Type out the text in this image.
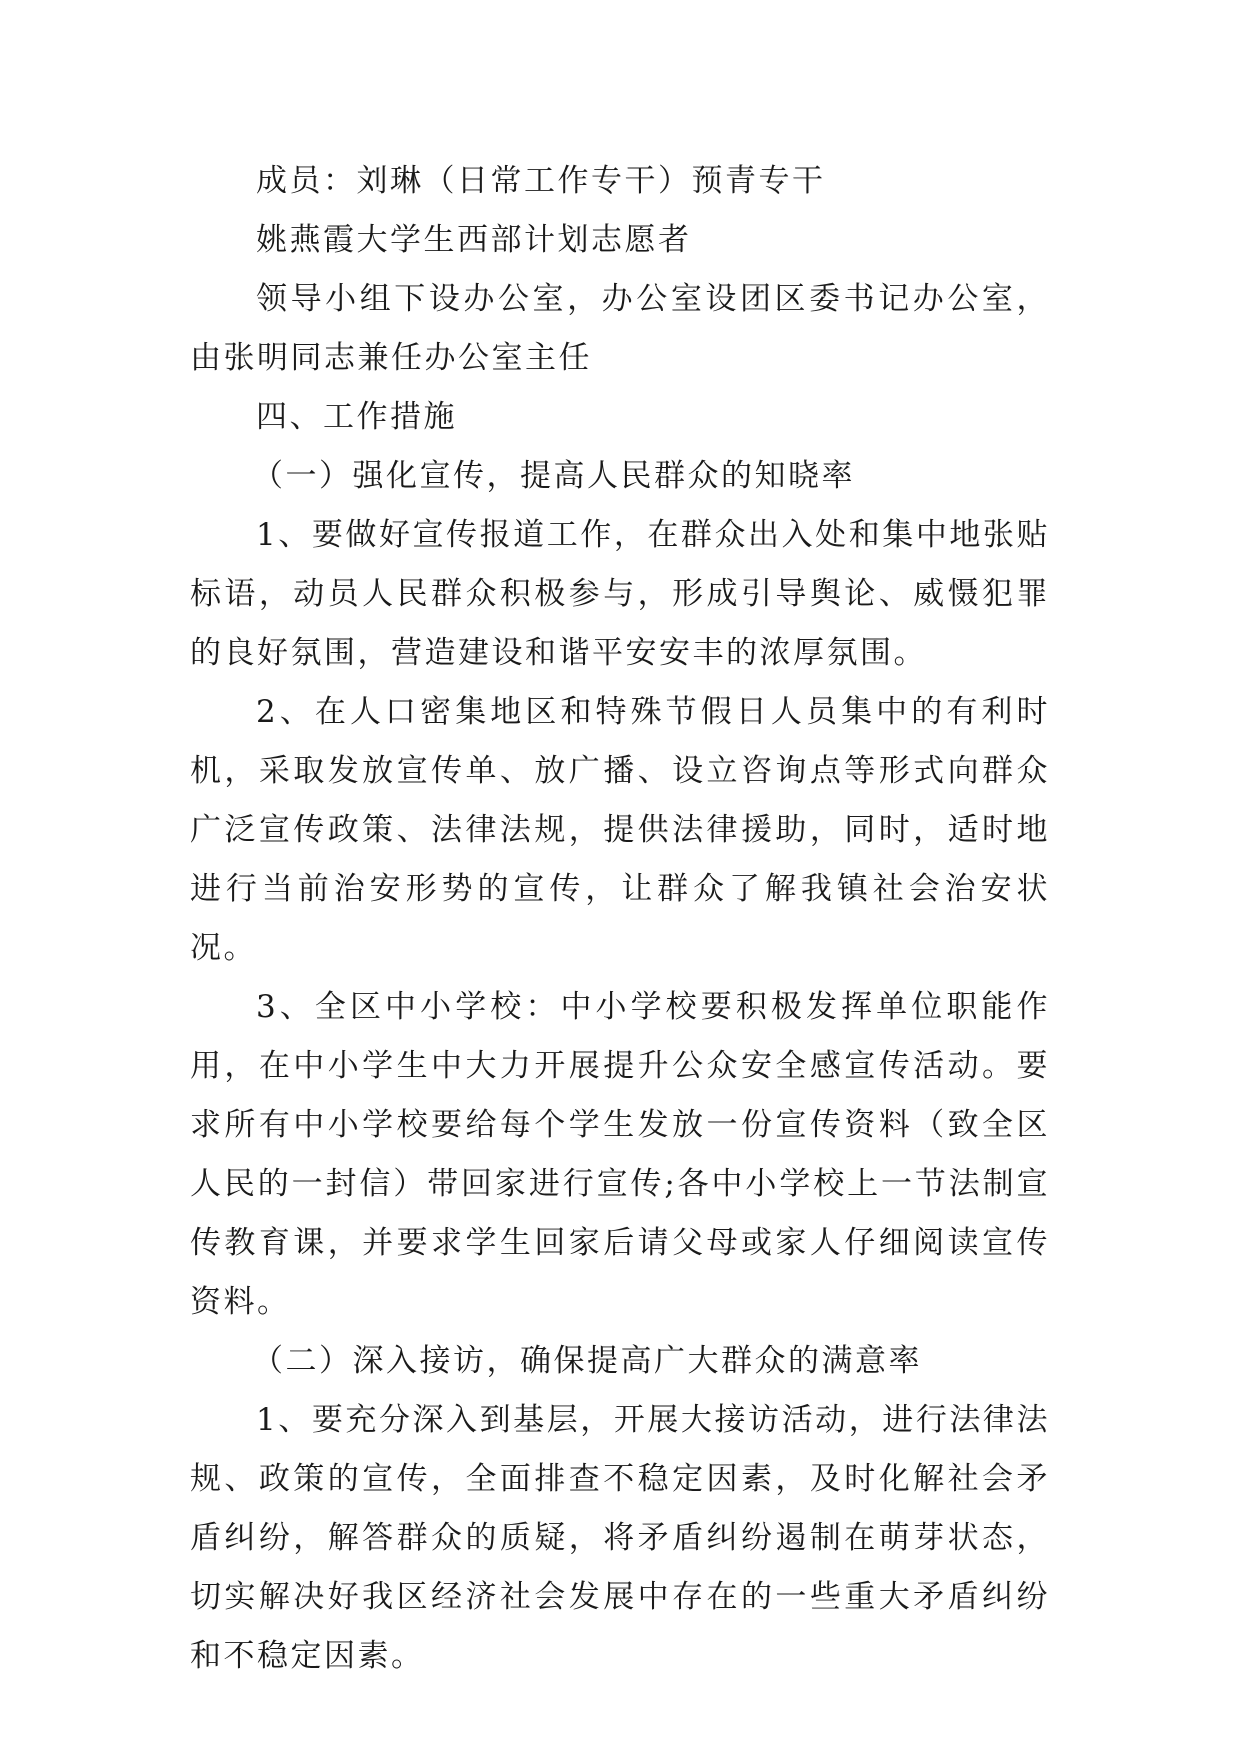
成员：刘琳（日常工作专干）预青专干

姚燕霞大学生西部计划志愿者

领导小组下设办公室，办公室设团区委书记办公室，由张明同志兼任办公室主任

四、工作措施

（一）强化宣传，提高人民群众的知晓率

1、要做好宣传报道工作，在群众出入处和集中地张贴标语，动员人民群众积极参与，形成引导舆论、威慑犯罪的良好氛围，营造建设和谐平安安丰的浓厚氛围。

2、在人口密集地区和特殊节假日人员集中的有利时机，采取发放宣传单、放广播、设立咨询点等形式向群众广泛宣传政策、法律法规，提供法律援助，同时，适时地进行当前治安形势的宣传，让群众了解我镇社会治安状况。

3、全区中小学校：中小学校要积极发挥单位职能作用，在中小学生中大力开展提升公众安全感宣传活动。要求所有中小学校要给每个学生发放一份宣传资料（致全区人民的一封信）带回家进行宣传;各中小学校上一节法制宣传教育课，并要求学生回家后请父母或家人仔细阅读宣传资料。

（二）深入接访，确保提高广大群众的满意率

1、要充分深入到基层，开展大接访活动，进行法律法规、政策的宣传，全面排查不稳定因素，及时化解社会矛盾纠纷，解答群众的质疑，将矛盾纠纷遏制在萌芽状态，切实解决好我区经济社会发展中存在的一些重大矛盾纠纷和不稳定因素。
